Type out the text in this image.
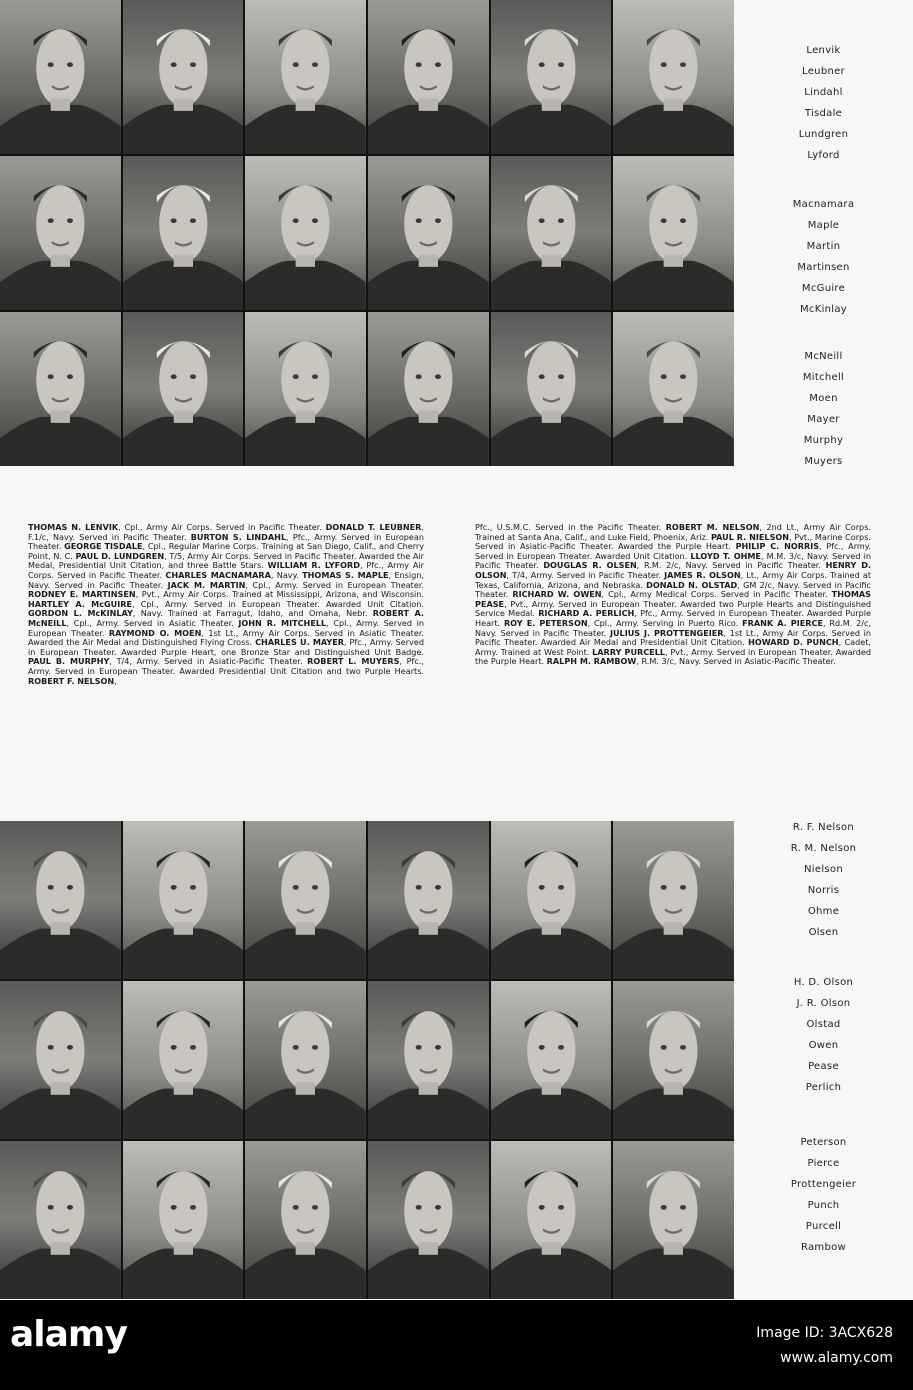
Lenvik
Leubner
Lindahl
Tisdale
Lundgren
Lyford
Macnamara
Maple
Martin
Martinsen
McGuire
McKinlay
McNeill
Mitchell
Moen
Mayer
Murphy
Muyers
THOMAS N. LENVIK, Cpl., Army Air Corps. Served in Pacific Theater. DONALD T. LEUBNER, F.1/c, Navy. Served in Pacific Theater. BURTON S. LINDAHL, Pfc., Army. Served in European Theater. GEORGE TISDALE, Cpl., Regular Marine Corps. Training at San Diego, Calif., and Cherry Point, N. C. PAUL D. LUNDGREN, T/5, Army Air Corps. Served in Pacific Theater. Awarded the Air Medal, Presidential Unit Citation, and three Battle Stars. WILLIAM R. LYFORD, Pfc., Army Air Corps. Served in Pacific Theater. CHARLES MACNAMARA, Navy. THOMAS S. MAPLE, Ensign, Navy. Served in Pacific Theater. JACK M. MARTIN, Cpl., Army. Served in European Theater. RODNEY E. MARTINSEN, Pvt., Army Air Corps. Trained at Mississippi, Arizona, and Wisconsin. HARTLEY A. McGUIRE, Cpl., Army. Served in European Theater. Awarded Unit Citation. GORDON L. McKINLAY, Navy. Trained at Farragut, Idaho, and Omaha, Nebr. ROBERT A. McNEILL, Cpl., Army. Served in Asiatic Theater. JOHN R. MITCHELL, Cpl., Army. Served in European Theater. RAYMOND O. MOEN, 1st Lt., Army Air Corps. Served in Asiatic Theater. Awarded the Air Medal and Distinguished Flying Cross. CHARLES U. MAYER, Pfc., Army. Served in European Theater. Awarded Purple Heart, one Bronze Star and Distinguished Unit Badge. PAUL B. MURPHY, T/4, Army. Served in Asiatic-Pacific Theater. ROBERT L. MUYERS, Pfc., Army. Served in European Theater. Awarded Presidential Unit Citation and two Purple Hearts. ROBERT F. NELSON,
Pfc., U.S.M.C. Served in the Pacific Theater. ROBERT M. NELSON, 2nd Lt., Army Air Corps. Trained at Santa Ana, Calif., and Luke Field, Phoenix, Ariz. PAUL R. NIELSON, Pvt., Marine Corps. Served in Asiatic-Pacific Theater. Awarded the Purple Heart. PHILIP C. NORRIS, Pfc., Army. Served in European Theater. Awarded Unit Citation. LLOYD T. OHME, M.M. 3/c, Navy. Served in Pacific Theater. DOUGLAS R. OLSEN, R.M. 2/c, Navy. Served in Pacific Theater. HENRY D. OLSON, T/4, Army. Served in Pacific Theater. JAMES R. OLSON, Lt., Army Air Corps. Trained at Texas, California, Arizona, and Nebraska. DONALD N. OLSTAD, GM 2/c, Navy. Served in Pacific Theater. RICHARD W. OWEN, Cpl., Army Medical Corps. Served in Pacific Theater. THOMAS PEASE, Pvt., Army. Served in European Theater. Awarded two Purple Hearts and Distinguished Service Medal. RICHARD A. PERLICH, Pfc., Army. Served in European Theater. Awarded Purple Heart. ROY E. PETERSON, Cpl., Army. Serving in Puerto Rico. FRANK A. PIERCE, Rd.M. 2/c, Navy. Served in Pacific Theater. JULIUS J. PROTTENGEIER, 1st Lt., Army Air Corps. Served in Pacific Theater. Awarded Air Medal and Presidential Unit Citation. HOWARD D. PUNCH, Cadet, Army. Trained at West Point. LARRY PURCELL, Pvt., Army. Served in European Theater. Awarded the Purple Heart. RALPH M. RAMBOW, R.M. 3/c, Navy. Served in Asiatic-Pacific Theater.
R. F. Nelson
R. M. Nelson
Nielson
Norris
Ohme
Olsen
H. D. Olson
J. R. Olson
Olstad
Owen
Pease
Perlich
Peterson
Pierce
Prottengeier
Punch
Purcell
Rambow
alamy	Image ID: 3ACX628
www.alamy.com
